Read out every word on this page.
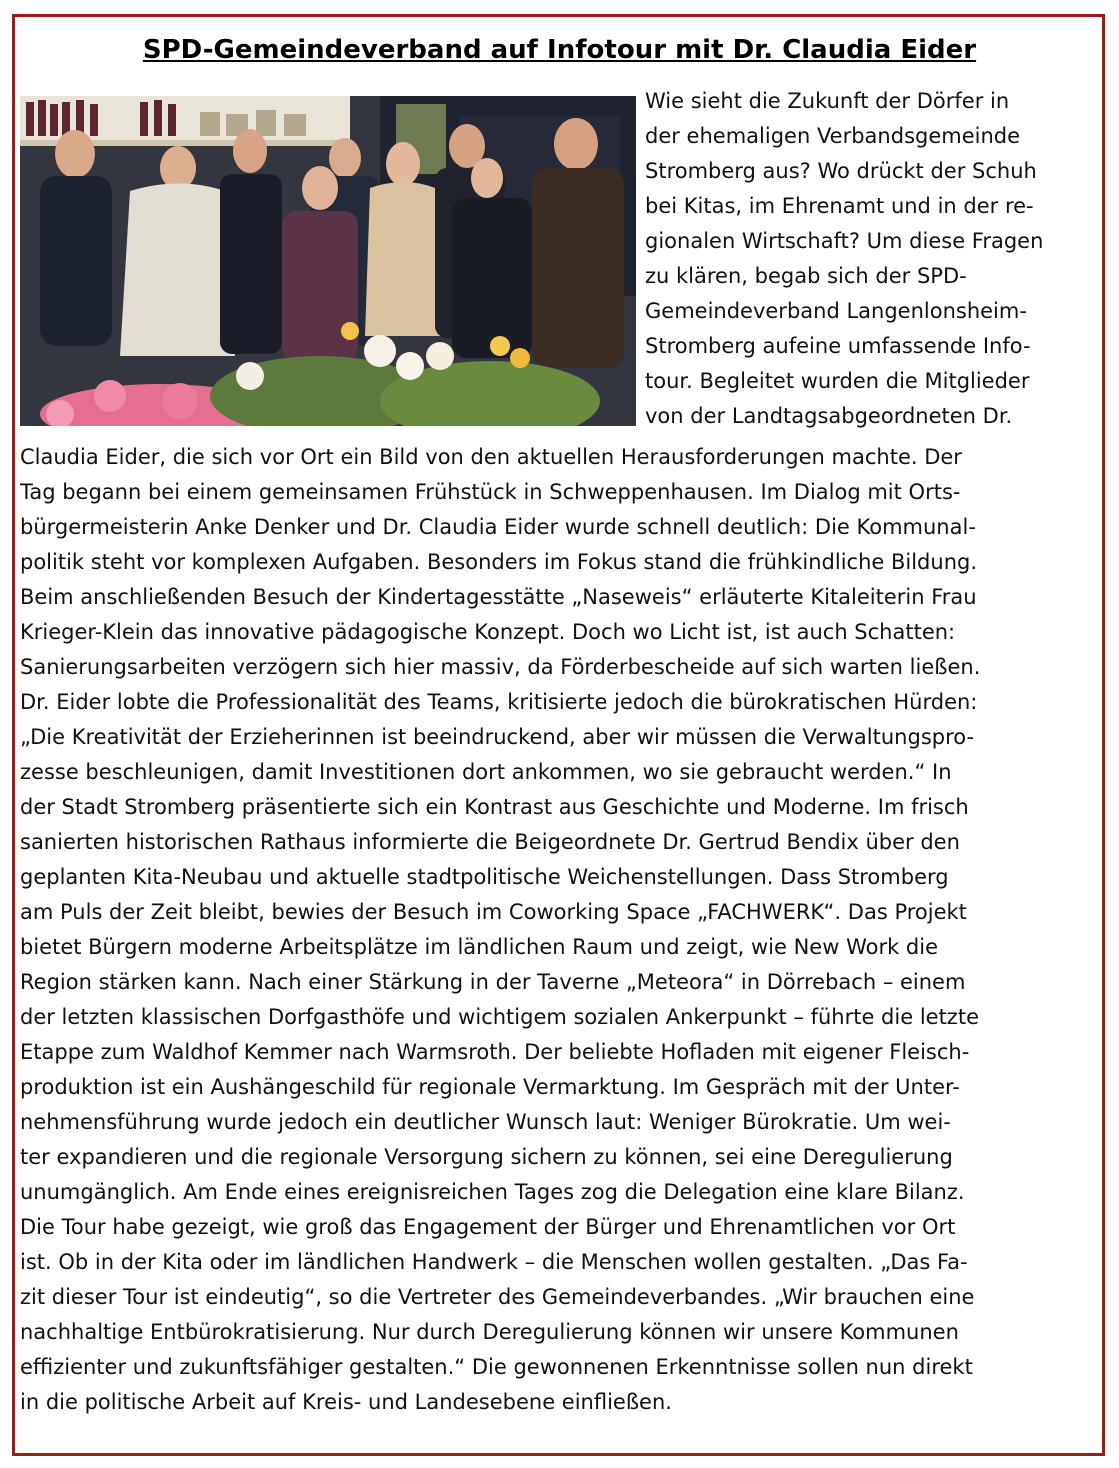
SPD-Gemeindeverband auf Infotour mit Dr. Claudia Eider
Wie sieht die Zukunft der Dörfer in
der ehemaligen Verbandsgemeinde
Stromberg aus? Wo drückt der Schuh
bei Kitas, im Ehrenamt und in der re-
gionalen Wirtschaft? Um diese Fragen
zu klären, begab sich der SPD-
Gemeindeverband Langenlonsheim-
Stromberg aufeine umfassende Info-
tour. Begleitet wurden die Mitglieder
von der Landtagsabgeordneten Dr.
Claudia Eider, die sich vor Ort ein Bild von den aktuellen Herausforderungen machte. Der
Tag begann bei einem gemeinsamen Frühstück in Schweppenhausen. Im Dialog mit Orts-
bürgermeisterin Anke Denker und Dr. Claudia Eider wurde schnell deutlich: Die Kommunal-
politik steht vor komplexen Aufgaben. Besonders im Fokus stand die frühkindliche Bildung.
Beim anschließenden Besuch der Kindertagesstätte „Naseweis“ erläuterte Kitaleiterin Frau
Krieger-Klein das innovative pädagogische Konzept. Doch wo Licht ist, ist auch Schatten:
Sanierungsarbeiten verzögern sich hier massiv, da Förderbescheide auf sich warten ließen.
Dr. Eider lobte die Professionalität des Teams, kritisierte jedoch die bürokratischen Hürden:
„Die Kreativität der Erzieherinnen ist beeindruckend, aber wir müssen die Verwaltungspro-
zesse beschleunigen, damit Investitionen dort ankommen, wo sie gebraucht werden.“ In
der Stadt Stromberg präsentierte sich ein Kontrast aus Geschichte und Moderne. Im frisch
sanierten historischen Rathaus informierte die Beigeordnete Dr. Gertrud Bendix über den
geplanten Kita-Neubau und aktuelle stadtpolitische Weichenstellungen. Dass Stromberg
am Puls der Zeit bleibt, bewies der Besuch im Coworking Space „FACHWERK“. Das Projekt
bietet Bürgern moderne Arbeitsplätze im ländlichen Raum und zeigt, wie New Work die
Region stärken kann. Nach einer Stärkung in der Taverne „Meteora“ in Dörrebach – einem
der letzten klassischen Dorfgasthöfe und wichtigem sozialen Ankerpunkt – führte die letzte
Etappe zum Waldhof Kemmer nach Warmsroth. Der beliebte Hofladen mit eigener Fleisch-
produktion ist ein Aushängeschild für regionale Vermarktung. Im Gespräch mit der Unter-
nehmensführung wurde jedoch ein deutlicher Wunsch laut: Weniger Bürokratie. Um wei-
ter expandieren und die regionale Versorgung sichern zu können, sei eine Deregulierung
unumgänglich. Am Ende eines ereignisreichen Tages zog die Delegation eine klare Bilanz.
Die Tour habe gezeigt, wie groß das Engagement der Bürger und Ehrenamtlichen vor Ort
ist. Ob in der Kita oder im ländlichen Handwerk – die Menschen wollen gestalten. „Das Fa-
zit dieser Tour ist eindeutig“, so die Vertreter des Gemeindeverbandes. „Wir brauchen eine
nachhaltige Entbürokratisierung. Nur durch Deregulierung können wir unsere Kommunen
effizienter und zukunftsfähiger gestalten.“ Die gewonnenen Erkenntnisse sollen nun direkt
in die politische Arbeit auf Kreis- und Landesebene einfließen.
